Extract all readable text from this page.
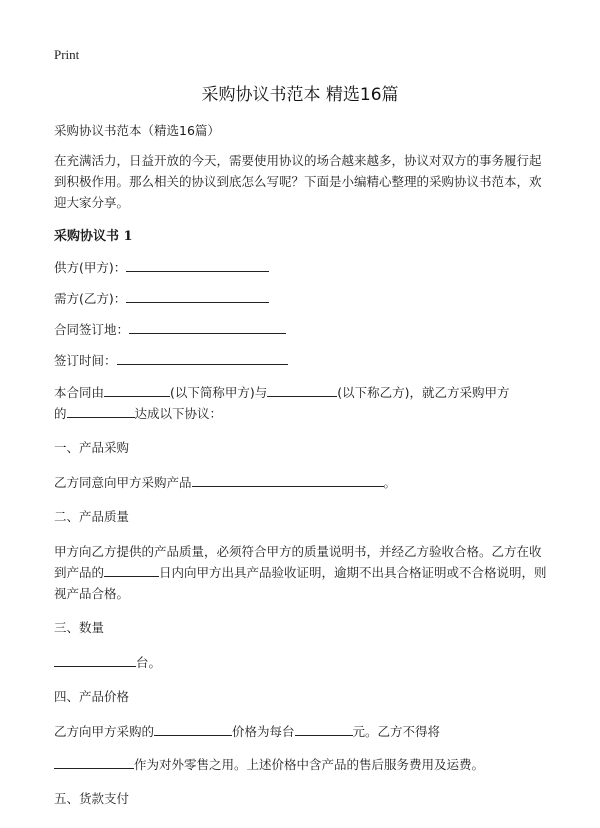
Print
采购协议书范本 精选16篇

采购协议书范本（精选16篇）

在充满活力，日益开放的今天，需要使用协议的场合越来越多，协议对双方的事务履行起到积极作用。那么相关的协议到底怎么写呢？下面是小编精心整理的采购协议书范本，欢迎大家分享。

采购协议书 1
供方(甲方)：
需方(乙方)：
合同签订地：
签订时间：

本合同由	(以下简称甲方)与	(以下称乙方)，就乙方采购甲方
的	达成以下协议：

一、产品采购

乙方同意向甲方采购产品	。

二、产品质量

甲方向乙方提供的产品质量，必须符合甲方的质量说明书，并经乙方验收合格。乙方在收到产品的	日内向甲方出具产品验收证明，逾期不出具合格证明或不合格说明，则视产品合格。

三、数量

台。

四、产品价格

乙方向甲方采购的	价格为每台	元。乙方不得将

作为对外零售之用。上述价格中含产品的售后服务费用及运费。

五、货款支付
